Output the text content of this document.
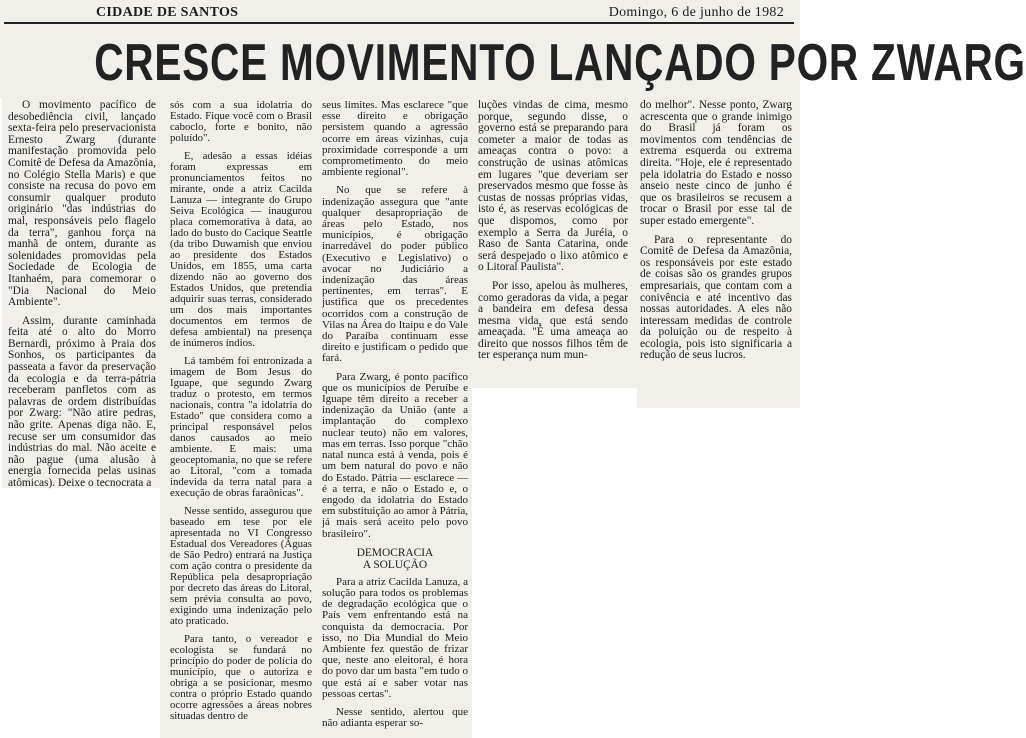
CIDADE DE SANTOS	Domingo, 6 de junho de 1982
CRESCE MOVIMENTO LANÇADO POR ZWARG

O movimento pacífico de desobediência civil, lançado sexta-feira pelo preservacionista Ernesto Zwarg (durante manifestação promovida pelo Comitê de Defesa da Amazônia, no Colégio Stella Maris) e que consiste na recusa do povo em consumir qualquer produto originário "das indústrias do mal, responsáveis pelo flagelo da terra", ganhou força na manhã de ontem, durante as solenidades promovidas pela Sociedade de Ecologia de Itanhaém, para comemorar o "Dia Nacional do Meio Ambiente".

Assim, durante caminhada feita até o alto do Morro Bernardi, próximo à Praia dos Sonhos, os participantes da passeata a favor da preservação da ecologia e da terra-pátria receberam panfletos com as palavras de ordem distribuídas por Zwarg: "Não atire pedras, não grite. Apenas diga não. E, recuse ser um consumidor das indústrias do mal. Não aceite e não pague (uma alusão à energia fornecida pelas usinas atômicas). Deixe o tecnocrata a

sós com a sua idolatria do Estado. Fique você com o Brasil caboclo, forte e bonito, não poluído".

E, adesão a essas idéias foram expressas em pronunciamentos feitos no mirante, onde a atriz Cacilda Lanuza — integrante do Grupo Seiva Ecológica — inaugurou placa comemorativa à data, ao lado do busto do Cacique Seattle (da tribo Duwamish que enviou ao presidente dos Estados Unidos, em 1855, uma carta dizendo não ao governo dos Estados Unidos, que pretendia adquirir suas terras, considerado um dos mais importantes documentos em termos de defesa ambiental) na presença de inúmeros índios.

Lá também foi entronizada a imagem de Bom Jesus do Iguape, que segundo Zwarg traduz o protesto, em termos nacionais, contra "a idolatria do Estado" que considera como a principal responsável pelos danos causados ao meio ambiente. E mais: uma geoceptomania, no que se refere ao Litoral, "com a tomada indevida da terra natal para a execução de obras faraônicas".

Nesse sentido, assegurou que baseado em tese por ele apresentada no VI Congresso Estadual dos Vereadores (Águas de São Pedro) entrará na Justiça com ação contra o presidente da República pela desapropriação por decreto das áreas do Litoral, sem prévia consulta ao povo, exigindo uma indenização pelo ato praticado.

Para tanto, o vereador e ecologista se fundará no princípio do poder de polícia do município, que o autoriza e obriga a se posicionar, mesmo contra o próprio Estado quando ocorre agressões a áreas nobres situadas dentro de

seus limites. Mas esclarece "que esse direito e obrigação persistem quando a agressão ocorre em áreas vizinhas, cuja proximidade corresponde a um comprometimento do meio ambiente regional".

No que se refere à indenização assegura que "ante qualquer desapropriação de áreas pelo Estado, nos municípios, é obrigação inarredável do poder público (Executivo e Legislativo) o avocar no Judiciário a indenização das áreas pertinentes, em terras". E justifica que os precedentes ocorridos com a construção de Vilas na Área do Itaipu e do Vale do Paraíba continuam esse direito e justificam o pedido que fará.

Para Zwarg, é ponto pacífico que os municípios de Peruíbe e Iguape têm direito a receber a indenização da União (ante a implantação do complexo nuclear teuto) não em valores, mas em terras. Isso porque "chão natal nunca está à venda, pois é um bem natural do povo e não do Estado. Pátria — esclarece — é a terra, e não o Estado e, o engodo da idolatria do Estado em substituição ao amor à Pátria, já mais será aceito pelo povo brasileiro".

DEMOCRACIA
A SOLUÇÃO

Para a atriz Cacilda Lanuza, a solução para todos os problemas de degradação ecológica que o País vem enfrentando está na conquista da democracia. Por isso, no Dia Mundial do Meio Ambiente fez questão de frizar que, neste ano eleitoral, é hora do povo dar um basta "em tudo o que está aí e saber votar nas pessoas certas".

Nesse sentido, alertou que não adianta esperar so-

luções vindas de cima, mesmo porque, segundo disse, o governo está se preparando para cometer a maior de todas as ameaças contra o povo: a construção de usinas atômicas em lugares "que deveriam ser preservados mesmo que fosse às custas de nossas próprias vidas, isto é, as reservas ecológicas de que dispomos, como por exemplo a Serra da Juréia, o Raso de Santa Catarina, onde será despejado o lixo atômico e o Litoral Paulista".

Por isso, apelou às mulheres, como geradoras da vida, a pegar a bandeira em defesa dessa mesma vida, que está sendo ameaçada. "É uma ameaça ao direito que nossos filhos têm de ter esperança num mun-

do melhor". Nesse ponto, Zwarg acrescenta que o grande inimigo do Brasil já foram os movimentos com tendências de extrema esquerda ou extrema direita. "Hoje, ele é representado pela idolatria do Estado e nosso anseio neste cinco de junho é que os brasileiros se recusem a trocar o Brasil por esse tal de super estado emergente".

Para o representante do Comitê de Defesa da Amazônia, os responsáveis por este estado de coisas são os grandes grupos empresariais, que contam com a conivência e até incentivo das nossas autoridades. A eles não interessam medidas de controle da poluição ou de respeito à ecologia, pois isto significaria a redução de seus lucros.
